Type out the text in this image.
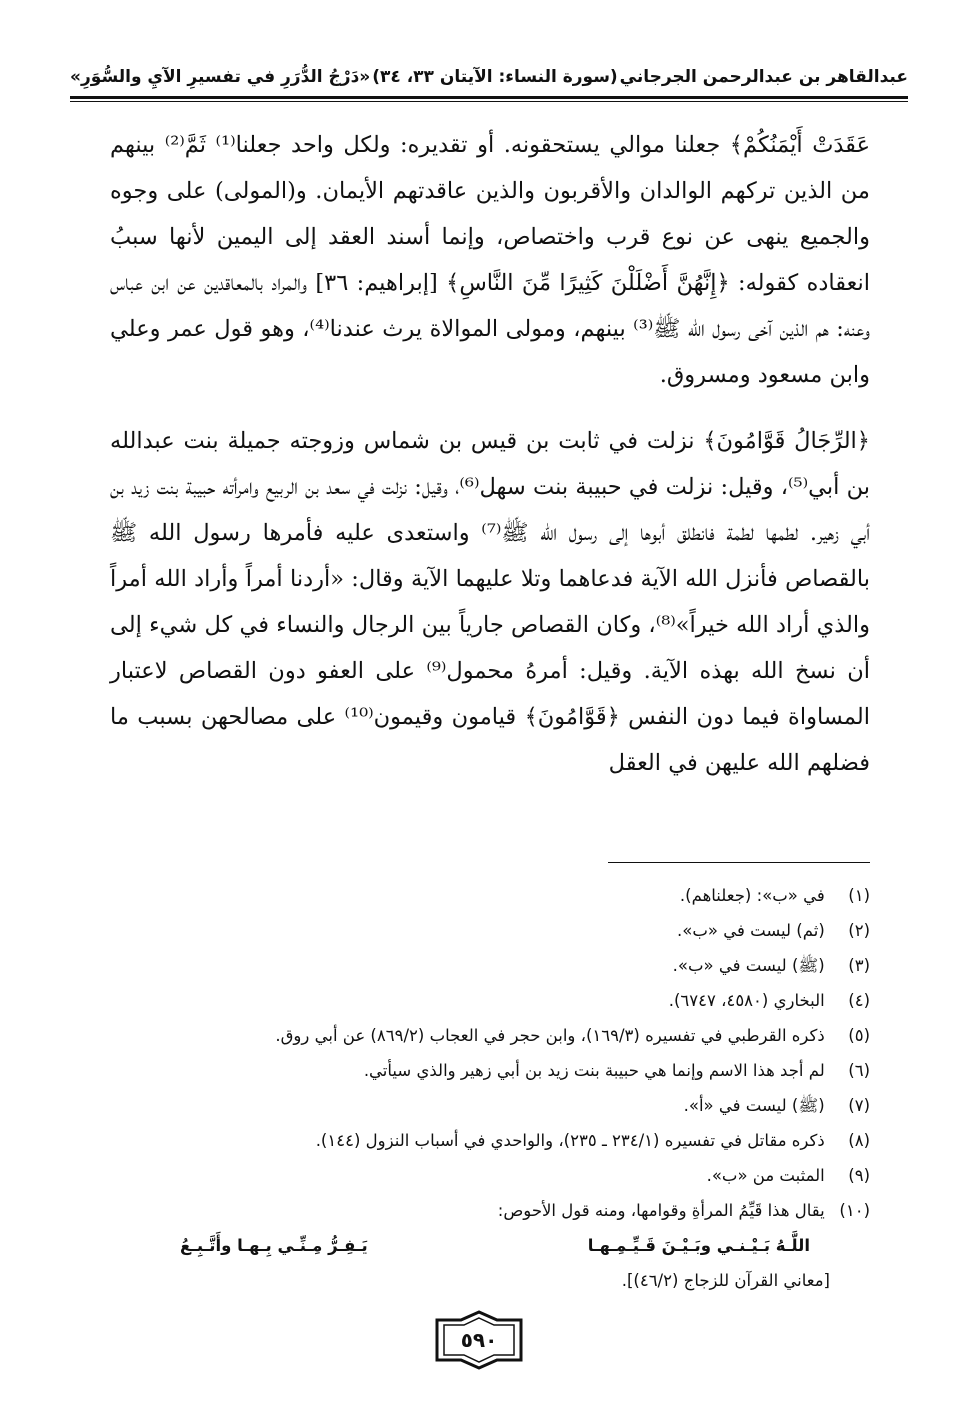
عبدالقاهر بن عبدالرحمن الجرجاني
(سورة النساء: الآيتان ٣٣، ٣٤)
«دَرْجُ الدُّرَرِ في تفسيرِ الآيِ والسُّوَرِ»

عَقَدَتْ أَيْمَنُكُمْ﴾ جعلنا موالي يستحقونه. أو تقديره: ولكل واحد جعلنا⁽¹⁾ ثَمَّ⁽²⁾ بينهم من الذين تركهم الوالدان والأقربون والذين عاقدتهم الأيمان. و(المولى) على وجوه والجميع ينهى عن نوع قرب واختصاص، وإنما أسند العقد إلى اليمين لأنها سببُ انعقاده كقوله: ﴿إِنَّهُنَّ أَضْلَلْنَ كَثِيرًا مِّنَ النَّاسِ﴾ [إبراهيم: ٣٦] والمراد بالمعاقدين عن ابن عباس وعنه: هم الذين آخى رسول الله ﷺ⁽³⁾ بينهم، ومولى الموالاة يرث عندنا⁽⁴⁾، وهو قول عمر وعلي وابن مسعود ومسروق.

﴿الرِّجَالُ قَوَّامُونَ﴾ نزلت في ثابت بن قيس بن شماس وزوجته جميلة بنت عبدالله بن أبي⁽⁵⁾، وقيل: نزلت في حبيبة بنت سهل⁽⁶⁾، وقيل: نزلت في سعد بن الربيع وامرأته حبيبة بنت زيد بن أبي زهير. لطمها لطمة فانطلق أبوها إلى رسول الله ﷺ⁽⁷⁾ واستعدى عليه فأمرها رسول الله ﷺ بالقصاص فأنزل الله الآية فدعاهما وتلا عليهما الآية وقال: «أردنا أمراً وأراد الله أمراً والذي أراد الله خيراً»⁽⁸⁾، وكان القصاص جارياً بين الرجال والنساء في كل شيء إلى أن نسخ الله بهذه الآية. وقيل: أمرهُ محمول⁽⁹⁾ على العفو دون القصاص لاعتبار المساواة فيما دون النفس ﴿قَوَّامُونَ﴾ قيامون وقيمون⁽¹⁰⁾ على مصالحهن بسبب ما فضلهم الله عليهن في العقل

(١) في «ب»: (جعلناهم).
(٢) (ثم) ليست في «ب».
(٣) (ﷺ) ليست في «ب».
(٤) البخاري (٤٥٨٠، ٦٧٤٧).
(٥) ذكره القرطبي في تفسيره (١٦٩/٣)، وابن حجر في العجاب (٨٦٩/٢) عن أبي روق.
(٦) لم أجد هذا الاسم وإنما هي حبيبة بنت زيد بن أبي زهير والذي سيأتي.
(٧) (ﷺ) ليست في «أ».
(٨) ذكره مقاتل في تفسيره (٢٣٤/١ ـ ٢٣٥)، والواحدي في أسباب النزول (١٤٤).
(٩) المثبت من «ب».
(١٠) يقال هذا قَيِّمُ المرأةِ وقوامها، ومنه قول الأحوص:
اللَّـهُ بَـيْـنـي وبَـيْـنَ قَـيِّـمِـهـا
يَـفِـرُّ مِـنِّـي بِـهـا وأَتَّـبِـعُ
[معاني القرآن للزجاج (٤٦/٢)].
٥٩٠
